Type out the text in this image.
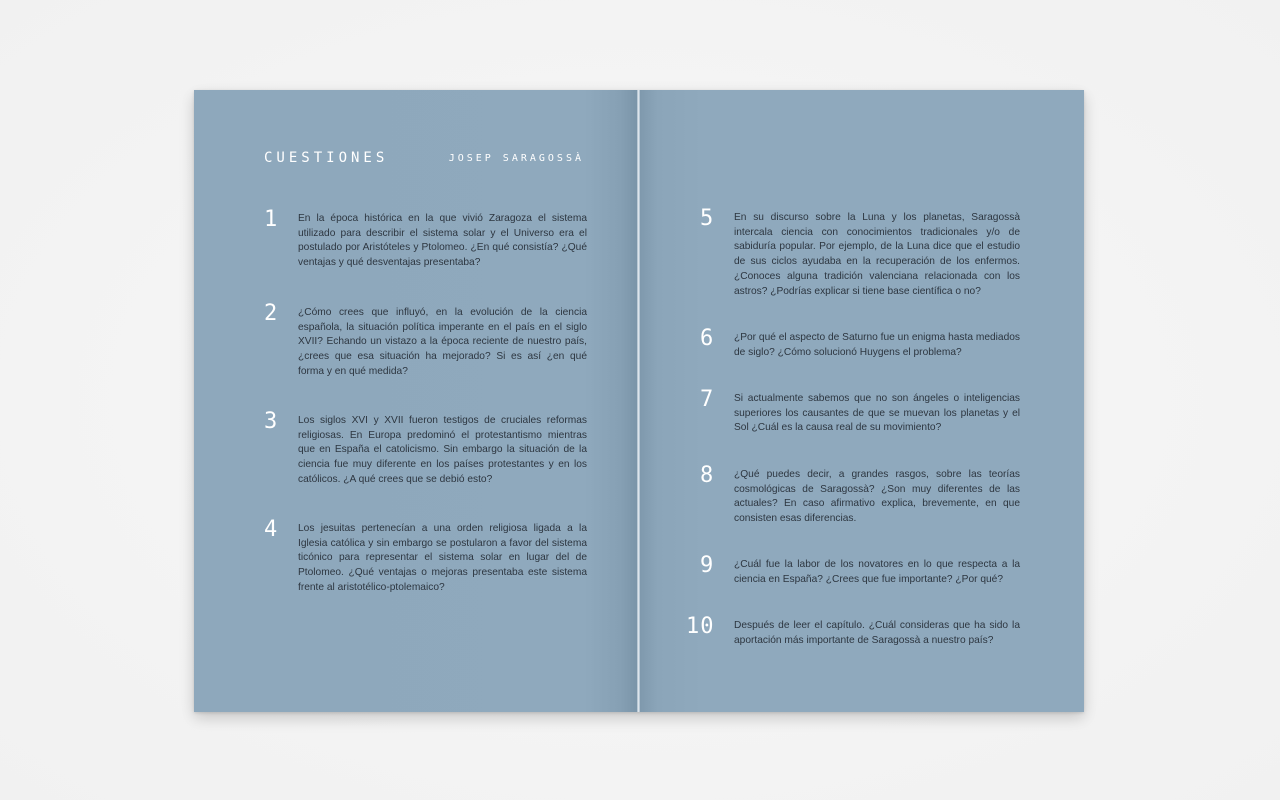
CUESTIONES	JOSEP SARAGOSSÀ
1 En la época histórica en la que vivió Zaragoza el sistema utilizado para describir el sistema solar y el Universo era el postulado por Aristóteles y Ptolomeo. ¿En qué consistía? ¿Qué ventajas y qué desventajas presentaba?
2 ¿Cómo crees que influyó, en la evolución de la ciencia española, la situación política imperante en el país en el siglo XVII? Echando un vistazo a la época reciente de nuestro país, ¿crees que esa situación ha mejorado? Si es así ¿en qué forma y en qué medida?
3 Los siglos XVI y XVII fueron testigos de cruciales reformas religiosas. En Europa predominó el protestantismo mientras que en España el catolicismo. Sin embargo la situación de la ciencia fue muy diferente en los países protestantes y en los católicos. ¿A qué crees que se debió esto?
4 Los jesuitas pertenecían a una orden religiosa ligada a la Iglesia católica y sin embargo se postularon a favor del sistema ticónico para representar el sistema solar en lugar del de Ptolomeo. ¿Qué ventajas o mejoras presentaba este sistema frente al aristotélico-ptolemaico?
5 En su discurso sobre la Luna y los planetas, Saragossà intercala ciencia con conocimientos tradicionales y/o de sabiduría popular. Por ejemplo, de la Luna dice que el estudio de sus ciclos ayudaba en la recuperación de los enfermos. ¿Conoces alguna tradición valenciana relacionada con los astros? ¿Podrías explicar si tiene base científica o no?
6 ¿Por qué el aspecto de Saturno fue un enigma hasta mediados de siglo? ¿Cómo solucionó Huygens el problema?
7 Si actualmente sabemos que no son ángeles o inteligencias superiores los causantes de que se muevan los planetas y el Sol ¿Cuál es la causa real de su movimiento?
8 ¿Qué puedes decir, a grandes rasgos, sobre las teorías cosmológicas de Saragossà? ¿Son muy diferentes de las actuales? En caso afirmativo explica, brevemente, en que consisten esas diferencias.
9 ¿Cuál fue la labor de los novatores en lo que respecta a la ciencia en España? ¿Crees que fue importante? ¿Por qué?
10 Después de leer el capítulo. ¿Cuál consideras que ha sido la aportación más importante de Saragossà a nuestro país?
